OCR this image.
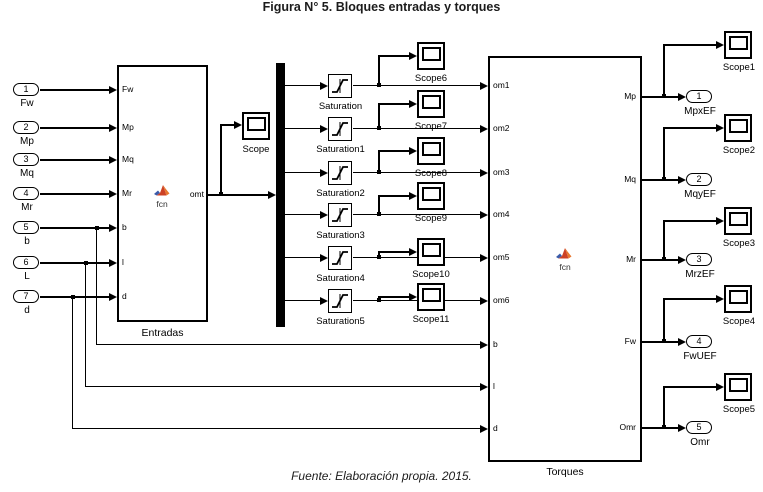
Figura N° 5. Bloques entradas y torques
Fuente: Elaboración propia. 2015.
1
Fw
2
Mp
3
Mq
4
Mr
5
b
6
L
7
d
Fw
Mp
Mq
Mr
b
l
d
omt
fcn
Entradas
Scope
Saturation
Scope6
Saturation1
Scope7
Saturation2
Scope8
Saturation3
Scope9
Saturation4	Scope10
Saturation5	Scope11
om1
om2
om3
om4
om5
om6
b
l
d
Mp
Mq
Mr
Fw
Omr
fcn
Torques
Scope1
1
MpxEF
Scope2
2
MqyEF
Scope3
3
MrzEF
Scope4
4
FwUEF
Scope5
5
Omr
